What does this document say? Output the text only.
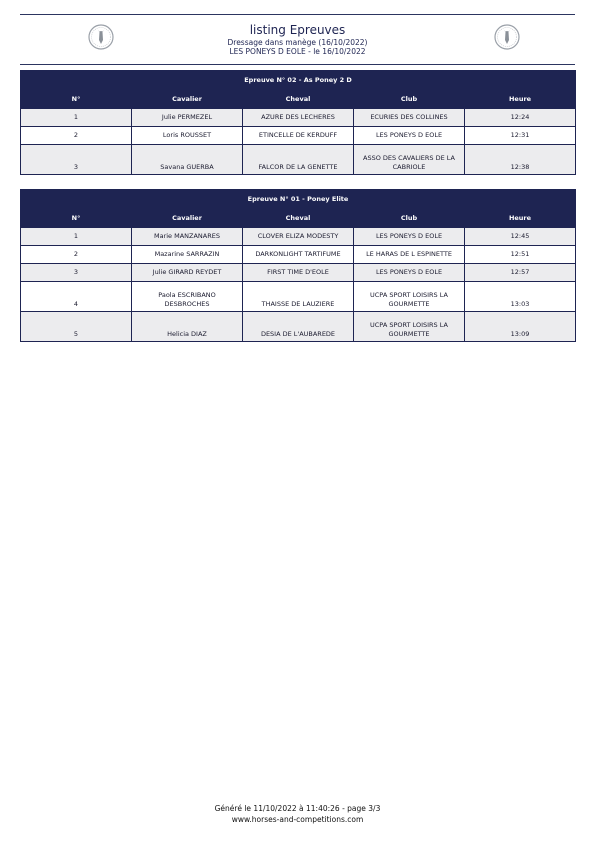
listing Epreuves
Dressage dans manège (16/10/2022)
LES PONEYS D EOLE - le 16/10/2022
Epreuve N° 02 - As Poney 2 D				
N°	Cavalier	Cheval	Club	Heure
1	Julie PERMEZEL	AZURE DES LECHERES	ECURIES DES COLLINES	12:24
2	Loris ROUSSET	ETINCELLE DE KERDUFF	LES PONEYS D EOLE	12:31
3	Savana GUERBA	FALCOR DE LA GENETTE	ASSO DES CAVALIERS DE LA CABRIOLE	12:38
Epreuve N° 01 - Poney Elite				
N°	Cavalier	Cheval	Club	Heure
1	Marie MANZANARES	CLOVER ELIZA MODESTY	LES PONEYS D EOLE	12:45
2	Mazarine SARRAZIN	DARKONLIGHT TARTIFUME	LE HARAS DE L ESPINETTE	12:51
3	Julie GIRARD REYDET	FIRST TIME D'EOLE	LES PONEYS D EOLE	12:57
4	Paola ESCRIBANO DESBROCHES	THAISSE DE LAUZIERE	UCPA SPORT LOISIRS LA GOURMETTE	13:03
5	Helicia DIAZ	DESIA DE L'AUBAREDE	UCPA SPORT LOISIRS LA GOURMETTE	13:09
Généré le 11/10/2022 à 11:40:26 - page 3/3
www.horses-and-competitions.com
